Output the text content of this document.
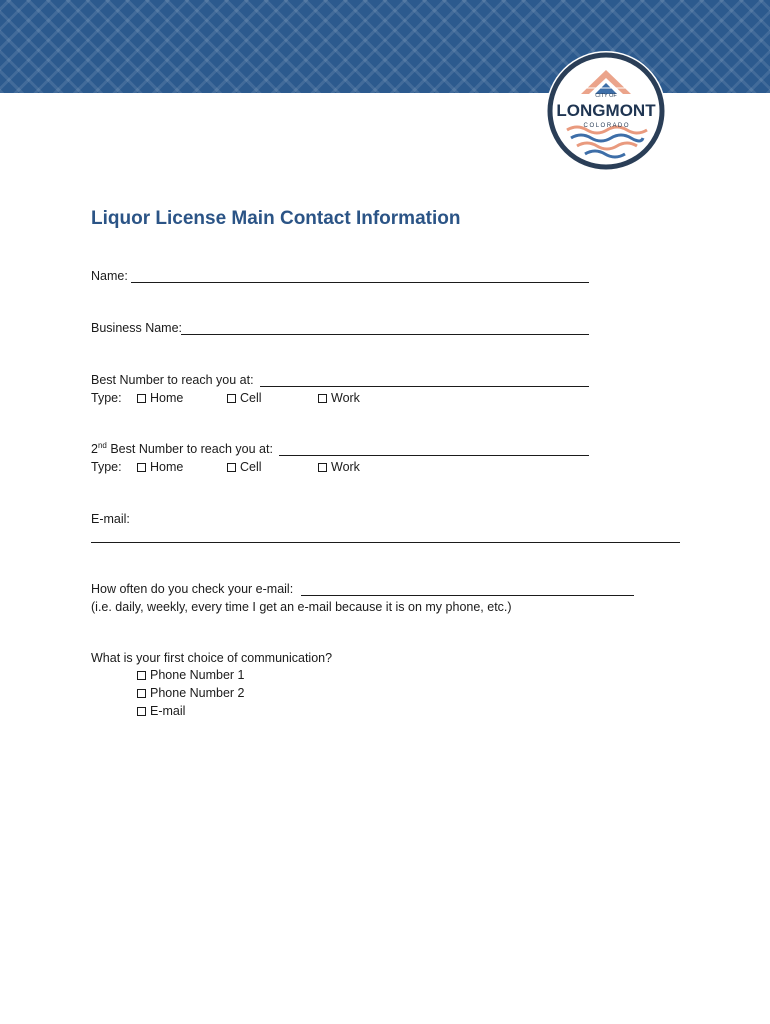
CITY OF
LONGMONT
C O L O R A D O
Liquor License Main Contact Information
Name:
Business Name:
Best Number to reach you at:
Type: Home	Cell	Work
2nd Best Number to reach you at:
Type: Home	Cell	Work
E-mail:
How often do you check your e-mail:
(i.e. daily, weekly, every time I get an e-mail because it is on my phone, etc.)
What is your first choice of communication?
Phone Number 1
Phone Number 2
E-mail
